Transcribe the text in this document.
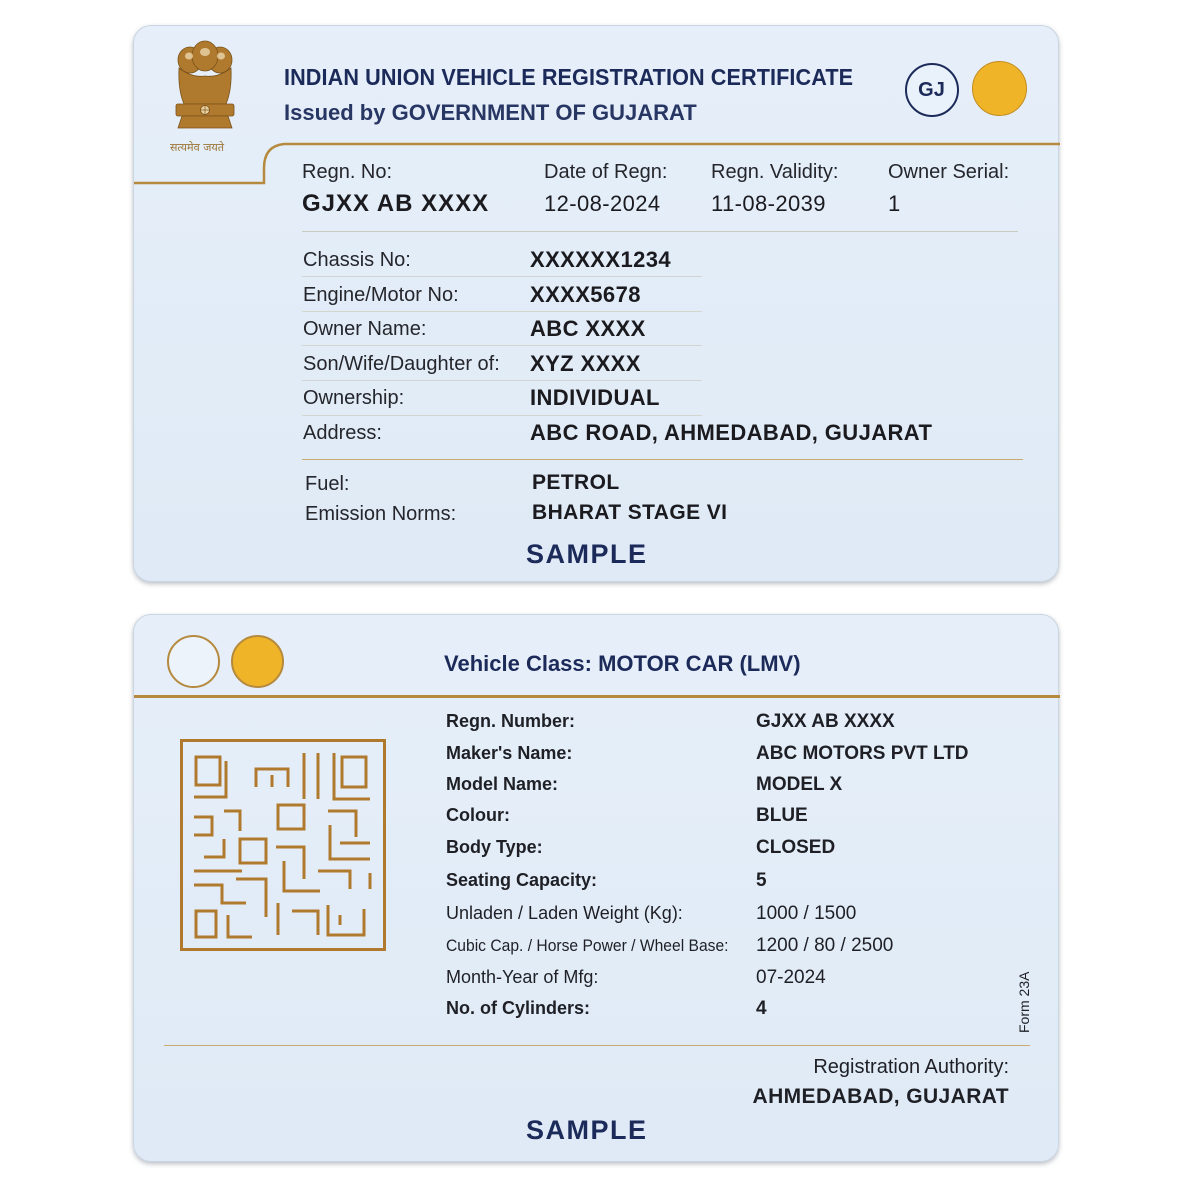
सत्यमेव जयते
INDIAN UNION VEHICLE REGISTRATION CERTIFICATE
Issued by GOVERNMENT OF GUJARAT
GJ
Regn. No:
GJXX AB XXXX
Date of Regn:
12-08-2024
Regn. Validity:
11-08-2039
Owner Serial:
1
Chassis No:	XXXXXX1234
Engine/Motor No:	XXXX5678
Owner Name:	ABC XXXX
Son/Wife/Daughter of: XYZ XXXX
Ownership:	INDIVIDUAL
Address:	ABC ROAD, AHMEDABAD, GUJARAT
Fuel:	PETROL
Emission Norms:	BHARAT STAGE VI
SAMPLE
Vehicle Class: MOTOR CAR (LMV)
Regn. Number:	GJXX AB XXXX
Maker's Name:	ABC MOTORS PVT LTD
Model Name:	MODEL X
Colour:	BLUE
Body Type:	CLOSED
Seating Capacity:	5
Unladen / Laden Weight (Kg):	1000 / 1500
Cubic Cap. / Horse Power / Wheel Base: 1200 / 80 / 2500
Month-Year of Mfg:	07-2024
No. of Cylinders:	4	Form 23A
Registration Authority:
AHMEDABAD, GUJARAT
SAMPLE
